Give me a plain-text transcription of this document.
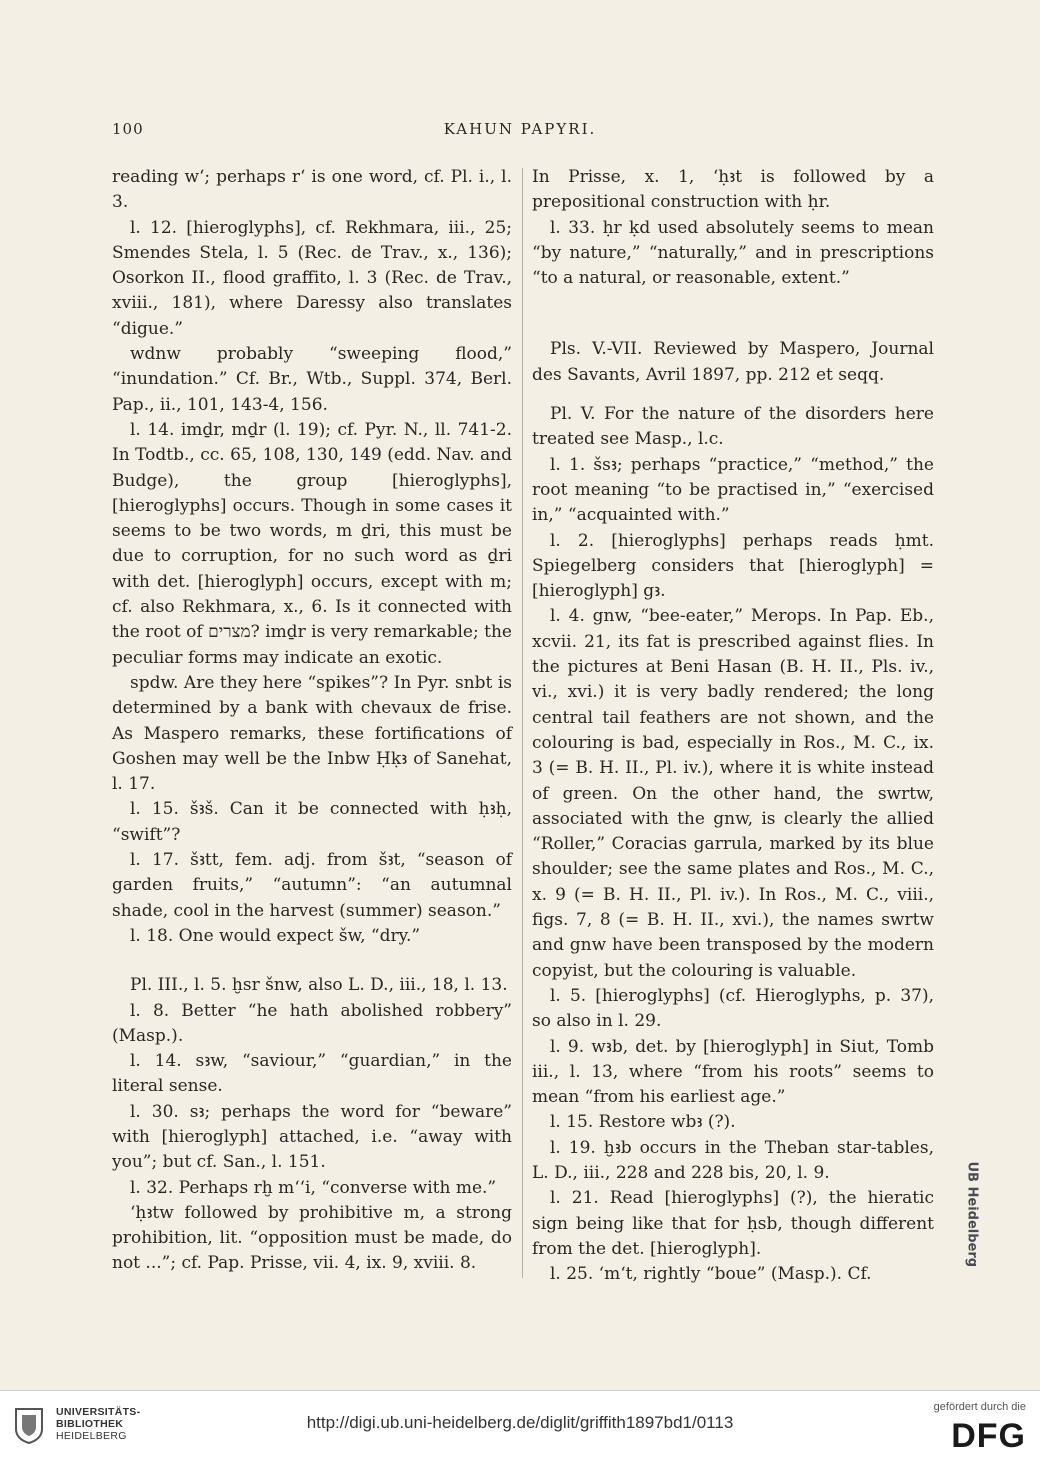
100	KAHUN PAPYRI.

reading w‘; perhaps r‘ is one word, cf. Pl. i., l. 3.

l. 12. [hieroglyphs], cf. Rekhmara, iii., 25; Smendes Stela, l. 5 (Rec. de Trav., x., 136); Osorkon II., flood graffito, l. 3 (Rec. de Trav., xviii., 181), where Daressy also translates “digue.”

wdnw probably “sweeping flood,” “inundation.” Cf. Br., Wtb., Suppl. 374, Berl. Pap., ii., 101, 143-4, 156.

l. 14. imḏr, mḏr (l. 19); cf. Pyr. N., ll. 741-2. In Todtb., cc. 65, 108, 130, 149 (edd. Nav. and Budge), the group [hieroglyphs], [hieroglyphs] occurs. Though in some cases it seems to be two words, m ḏri, this must be due to corruption, for no such word as ḏri with det. [hieroglyph] occurs, except with m; cf. also Rekhmara, x., 6. Is it connected with the root of מצרים? imḏr is very remarkable; the peculiar forms may indicate an exotic.

spdw. Are they here “spikes”? In Pyr. snbt is determined by a bank with chevaux de frise. As Maspero remarks, these fortifications of Goshen may well be the Inbw Ḥḳꜣ of Sanehat, l. 17.

l. 15. šꜣš. Can it be connected with ḥꜣḥ, “swift”?

l. 17. šꜣtt, fem. adj. from šꜣt, “season of garden fruits,” “autumn”: “an autumnal shade, cool in the harvest (summer) season.”

l. 18. One would expect šw, “dry.”

Pl. III., l. 5. ḫsr šnw, also L. D., iii., 18, l. 13.

l. 8. Better “he hath abolished robbery” (Masp.).

l. 14. sꜣw, “saviour,” “guardian,” in the literal sense.

l. 30. sꜣ; perhaps the word for “beware” with [hieroglyph] attached, i.e. “away with you”; but cf. San., l. 151.

l. 32. Perhaps rḫ m‘‘i, “converse with me.”

‘ḥꜣtw followed by prohibitive m, a strong prohibition, lit. “opposition must be made, do not ...”; cf. Pap. Prisse, vii. 4, ix. 9, xviii. 8.

In Prisse, x. 1, ‘ḥꜣt is followed by a prepositional construction with ḥr.

l. 33. ḥr ḳd used absolutely seems to mean “by nature,” “naturally,” and in prescriptions “to a natural, or reasonable, extent.”

Pls. V.-VII. Reviewed by Maspero, Journal des Savants, Avril 1897, pp. 212 et seqq.

Pl. V. For the nature of the disorders here treated see Masp., l.c.

l. 1. šsꜣ; perhaps “practice,” “method,” the root meaning “to be practised in,” “exercised in,” “acquainted with.”

l. 2. [hieroglyphs] perhaps reads ḥmt. Spiegelberg considers that [hieroglyph] = [hieroglyph] gꜣ.

l. 4. gnw, “bee-eater,” Merops. In Pap. Eb., xcvii. 21, its fat is prescribed against flies. In the pictures at Beni Hasan (B. H. II., Pls. iv., vi., xvi.) it is very badly rendered; the long central tail feathers are not shown, and the colouring is bad, especially in Ros., M. C., ix. 3 (= B. H. II., Pl. iv.), where it is white instead of green. On the other hand, the swrtw, associated with the gnw, is clearly the allied “Roller,” Coracias garrula, marked by its blue shoulder; see the same plates and Ros., M. C., x. 9 (= B. H. II., Pl. iv.). In Ros., M. C., viii., figs. 7, 8 (= B. H. II., xvi.), the names swrtw and gnw have been transposed by the modern copyist, but the colouring is valuable.

l. 5. [hieroglyphs] (cf. Hieroglyphs, p. 37), so also in l. 29.

l. 9. wꜣb, det. by [hieroglyph] in Siut, Tomb iii., l. 13, where “from his roots” seems to mean “from his earliest age.”

l. 15. Restore wbꜣ (?).

l. 19. ḫꜣb occurs in the Theban star-tables, L. D., iii., 228 and 228 bis, 20, l. 9.

l. 21. Read [hieroglyphs] (?), the hieratic sign being like that for ḥsb, though different from the det. [hieroglyph].

l. 25. ‘m‘t, rightly “boue” (Masp.). Cf.

UB Heidelberg
UNIVERSITÄTS-
BIBLIOTHEK
HEIDELBERG
http://digi.ub.uni-heidelberg.de/diglit/griffith1897bd1/0113
gefördert durch die
DFG
